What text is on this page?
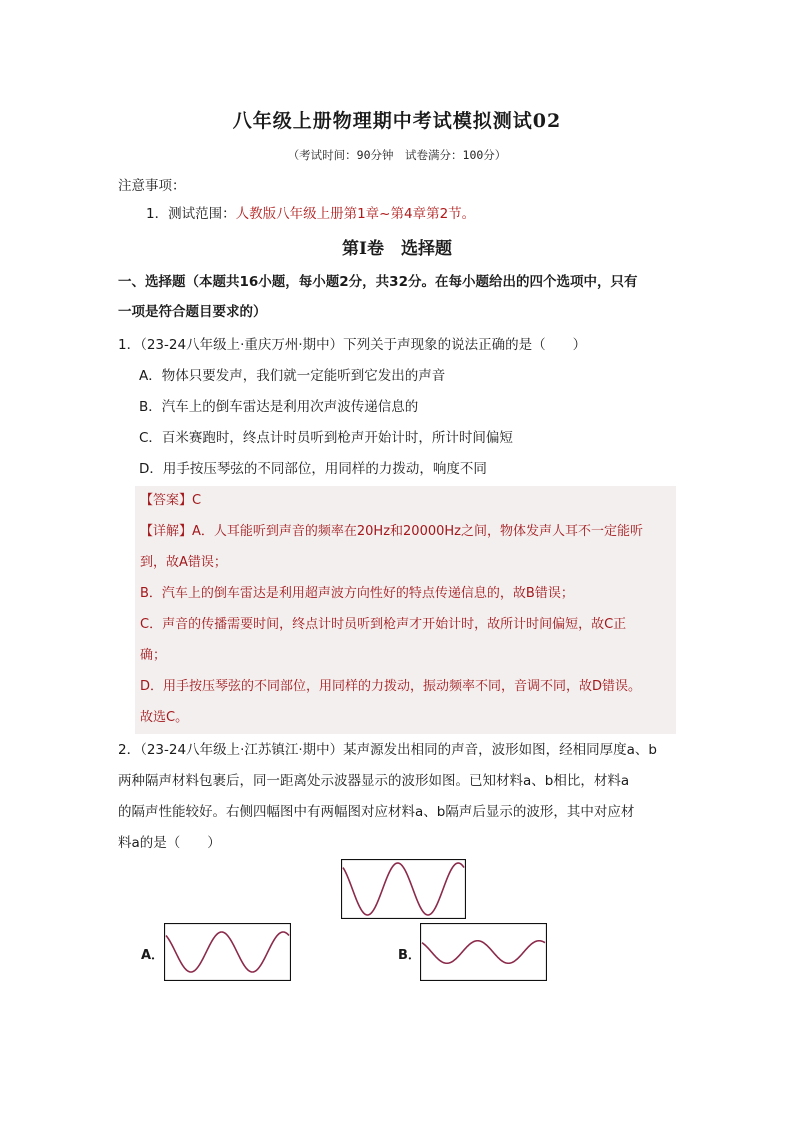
八年级上册物理期中考试模拟测试02
（考试时间：90分钟　试卷满分：100分）
注意事项：
1．测试范围：人教版八年级上册第1章~第4章第2节。
第Ⅰ卷　选择题
一、选择题（本题共16小题，每小题2分，共32分。在每小题给出的四个选项中，只有
一项是符合题目要求的）
1．（23-24八年级上·重庆万州·期中）下列关于声现象的说法正确的是（　　）
A．物体只要发声，我们就一定能听到它发出的声音
B．汽车上的倒车雷达是利用次声波传递信息的
C．百米赛跑时，终点计时员听到枪声开始计时，所计时间偏短
D．用手按压琴弦的不同部位，用同样的力拨动，响度不同
【答案】C
【详解】A．人耳能听到声音的频率在20Hz和20000Hz之间，物体发声人耳不一定能听
到，故A错误；
B．汽车上的倒车雷达是利用超声波方向性好的特点传递信息的，故B错误；
C．声音的传播需要时间，终点计时员听到枪声才开始计时，故所计时间偏短，故C正
确；
D．用手按压琴弦的不同部位，用同样的力拨动，振动频率不同，音调不同，故D错误。
故选C。
2．（23-24八年级上·江苏镇江·期中）某声源发出相同的声音，波形如图，经相同厚度a、b
两种隔声材料包裹后，同一距离处示波器显示的波形如图。已知材料a、b相比，材料a
的隔声性能较好。右侧四幅图中有两幅图对应材料a、b隔声后显示的波形，其中对应材
料a的是（　　）
A．	B．
